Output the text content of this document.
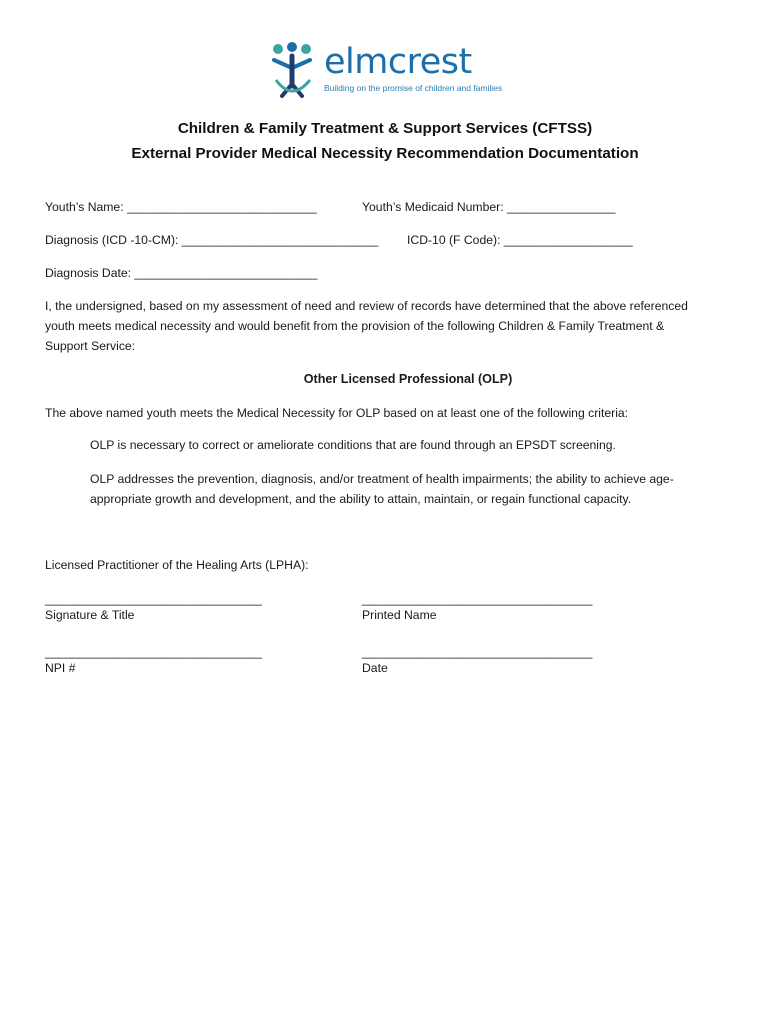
elmcrest
Building on the promise of children and families
Children & Family Treatment & Support Services (CFTSS)
External Provider Medical Necessity Recommendation Documentation
Youth’s Name: ____________________________	Youth’s Medicaid Number: ________________
Diagnosis (ICD -10-CM): _____________________________ ICD-10 (F Code): ___________________
Diagnosis Date: ___________________________
I, the undersigned, based on my assessment of need and review of records have determined that the above referenced
youth meets medical necessity and would benefit from the provision of the following Children & Family Treatment &
Support Service:
Other Licensed Professional (OLP)
The above named youth meets the Medical Necessity for OLP based on at least one of the following criteria:
OLP is necessary to correct or ameliorate conditions that are found through an EPSDT screening.
OLP addresses the prevention, diagnosis, and/or treatment of health impairments; the ability to achieve age-
appropriate growth and development, and the ability to attain, maintain, or regain functional capacity.
Licensed Practitioner of the Healing Arts (LPHA):
________________________________	__________________________________
Signature & Title	Printed Name
________________________________	__________________________________
NPI #	Date
